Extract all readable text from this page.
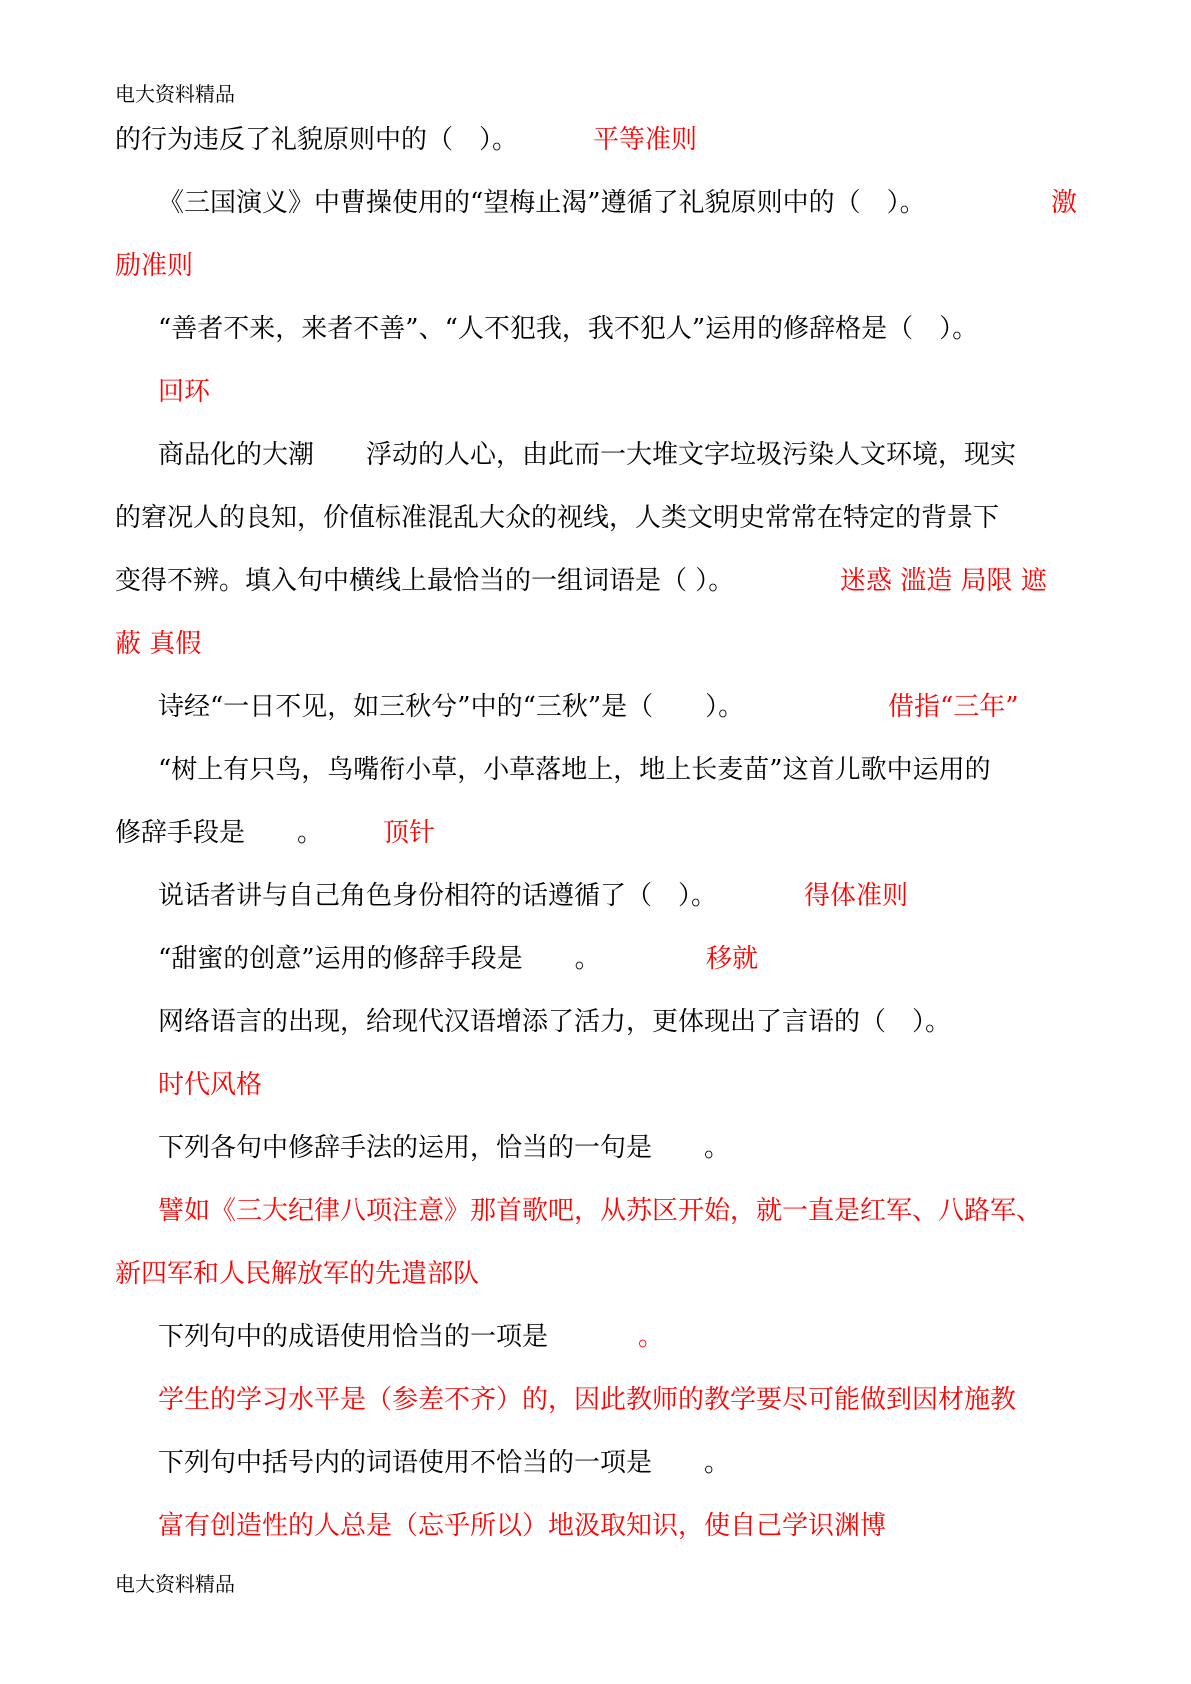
电大资料精品
的行为违反了礼貌原则中的（　）。	平等准则
《三国演义》中曹操使用的“望梅止渴”遵循了礼貌原则中的（　）。	激
励准则
“善者不来，来者不善”、“人不犯我，我不犯人”运用的修辞格是（　）。
回环
商品化的大潮　　浮动的人心，由此而一大堆文字垃圾污染人文环境，现实
的窘况人的良知，价值标准混乱大众的视线，人类文明史常常在特定的背景下
变得不辨。填入句中横线上最恰当的一组词语是（ ）。	迷惑 滥造 局限 遮
蔽 真假
诗经“一日不见，如三秋兮”中的“三秋”是（　　）。	借指“三年”
“树上有只鸟，鸟嘴衔小草，小草落地上，地上长麦苗”这首儿歌中运用的
修辞手段是　　。 顶针
说话者讲与自己角色身份相符的话遵循了（　）。	得体准则
“甜蜜的创意”运用的修辞手段是　　。	移就
网络语言的出现，给现代汉语增添了活力，更体现出了言语的（　）。
时代风格
下列各句中修辞手法的运用，恰当的一句是　　。
譬如《三大纪律八项注意》那首歌吧，从苏区开始，就一直是红军、八路军、
新四军和人民解放军的先遣部队
下列句中的成语使用恰当的一项是	。
学生的学习水平是（参差不齐）的，因此教师的教学要尽可能做到因材施教
下列句中括号内的词语使用不恰当的一项是　　。
富有创造性的人总是（忘乎所以）地汲取知识，使自己学识渊博
电大资料精品
